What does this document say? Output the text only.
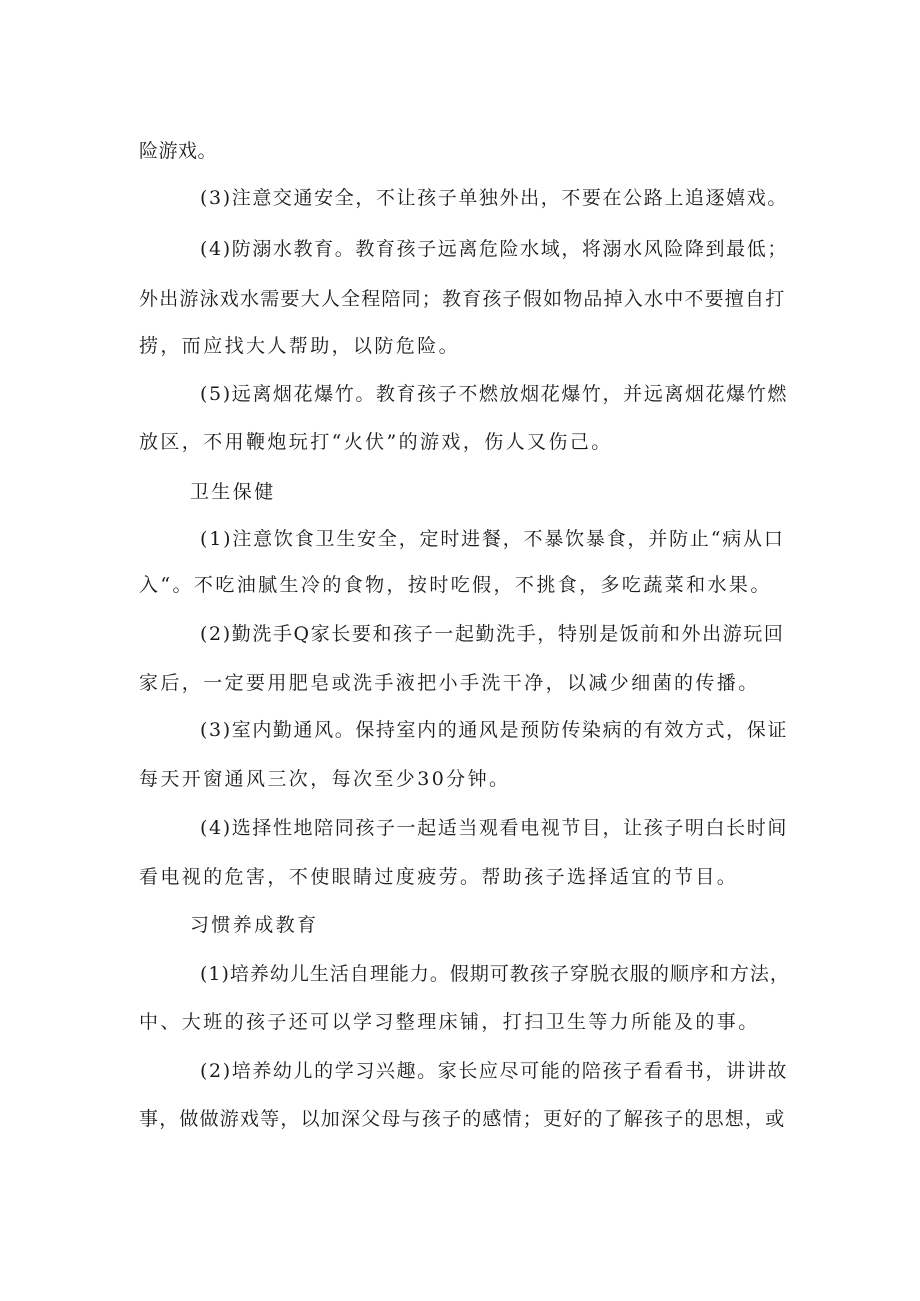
险游戏。
(3)注意交通安全，不让孩子单独外出，不要在公路上追逐嬉戏。
(4)防溺水教育。教育孩子远离危险水域，将溺水风险降到最低；
外出游泳戏水需要大人全程陪同；教育孩子假如物品掉入水中不要擅自打
捞，而应找大人帮助，以防危险。
(5)远离烟花爆竹。教育孩子不燃放烟花爆竹，并远离烟花爆竹燃
放区，不用鞭炮玩打“火伏”的游戏，伤人又伤己。
卫生保健
(1)注意饮食卫生安全，定时进餐，不暴饮暴食，并防止“病从口
入“。不吃油腻生冷的食物，按时吃假，不挑食，多吃蔬菜和水果。
(2)勤洗手Q家长要和孩子一起勤洗手，特别是饭前和外出游玩回
家后，一定要用肥皂或洗手液把小手洗干净，以减少细菌的传播。
(3)室内勤通风。保持室内的通风是预防传染病的有效方式，保证
每天开窗通风三次，每次至少30分钟。
(4)选择性地陪同孩子一起适当观看电视节目，让孩子明白长时间
看电视的危害，不使眼睛过度疲劳。帮助孩子选择适宜的节目。
习惯养成教育
(1)培养幼儿生活自理能力。假期可教孩子穿脱衣服的顺序和方法，
中、大班的孩子还可以学习整理床铺，打扫卫生等力所能及的事。
(2)培养幼儿的学习兴趣。家长应尽可能的陪孩子看看书，讲讲故
事，做做游戏等，以加深父母与孩子的感情；更好的了解孩子的思想，或
